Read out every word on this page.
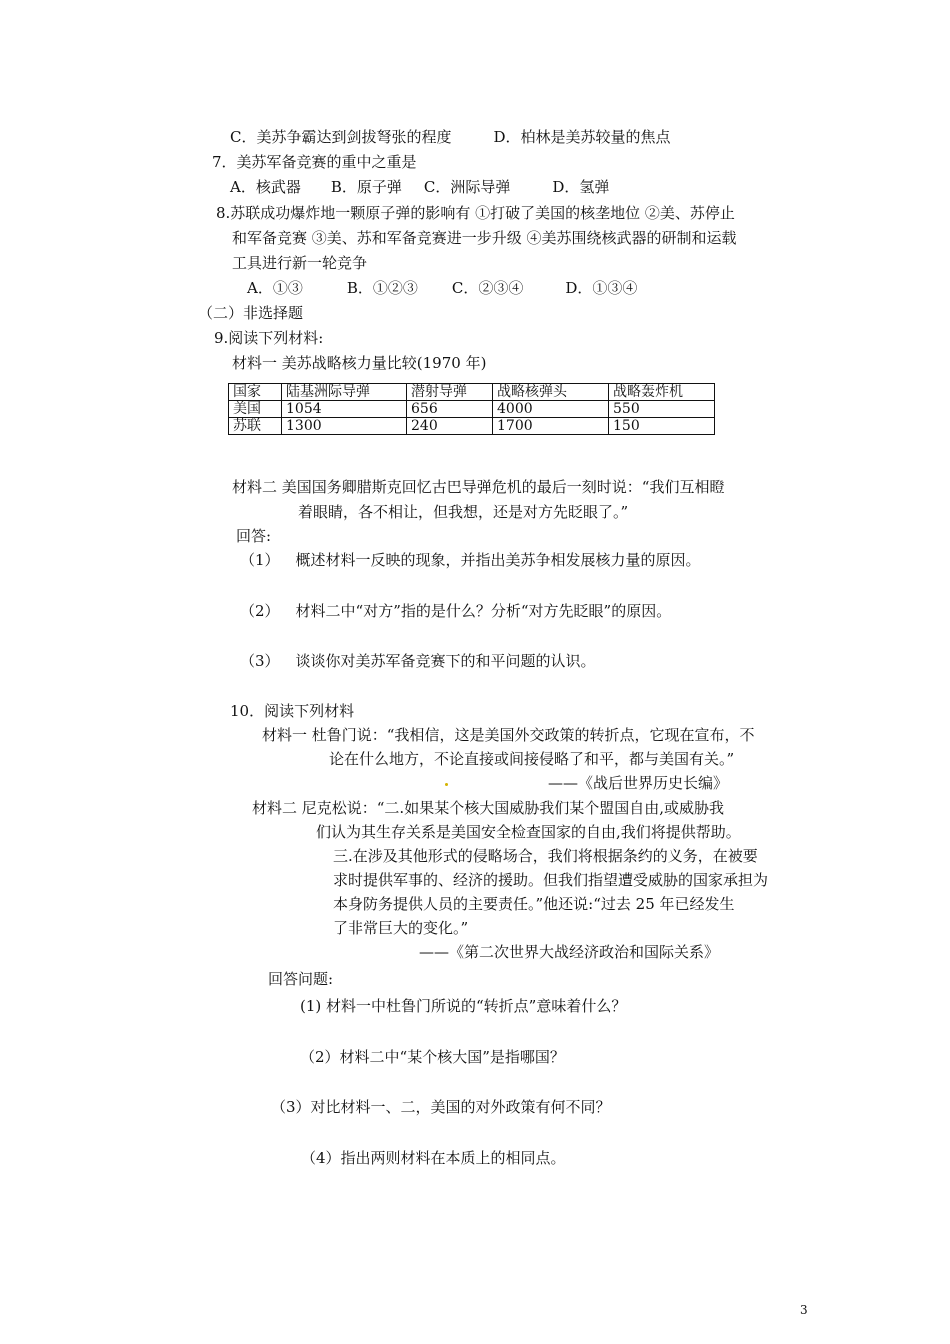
C．美苏争霸达到剑拔弩张的程度	D．柏林是美苏较量的焦点
7．美苏军备竞赛的重中之重是
A．核武器 B．原子弹 C．洲际导弹	D．氢弹
8.苏联成功爆炸地一颗原子弹的影响有 ①打破了美国的核垄地位 ②美、苏停止
和军备竞赛 ③美、苏和军备竞赛进一步升级 ④美苏围绕核武器的研制和运载
工具进行新一轮竞争
A．①③	B．①②③ C．②③④	D．①③④
（二）非选择题
9.阅读下列材料:
材料一 美苏战略核力量比较(1970 年)
国家	陆基洲际导弹	潜射导弹	战略核弹头	战略轰炸机
美国	1054	656	4000	550
苏联	1300	240	1700	150
材料二 美国国务卿腊斯克回忆古巴导弹危机的最后一刻时说：“我们互相瞪
着眼睛，各不相让，但我想，还是对方先眨眼了。”
回答:
（1） 概述材料一反映的现象，并指出美苏争相发展核力量的原因。
（2） 材料二中“对方”指的是什么？分析“对方先眨眼”的原因。
（3） 谈谈你对美苏军备竞赛下的和平问题的认识。
10．阅读下列材料
材料一 杜鲁门说：“我相信，这是美国外交政策的转折点，它现在宣布，不
论在什么地方，不论直接或间接侵略了和平，都与美国有关。”
——《战后世界历史长编》
材料二 尼克松说：“二.如果某个核大国威胁我们某个盟国自由,或威胁我
们认为其生存关系是美国安全检查国家的自由,我们将提供帮助。
三.在涉及其他形式的侵略场合，我们将根据条约的义务，在被要
求时提供军事的、经济的援助。但我们指望遭受威胁的国家承担为
本身防务提供人员的主要责任。”他还说:“过去 25 年已经发生
了非常巨大的变化。”
——《第二次世界大战经济政治和国际关系》
回答问题:
(1) 材料一中杜鲁门所说的“转折点”意味着什么？
（2）材料二中“某个核大国”是指哪国？
（3）对比材料一、二，美国的对外政策有何不同？
（4）指出两则材料在本质上的相同点。
3
